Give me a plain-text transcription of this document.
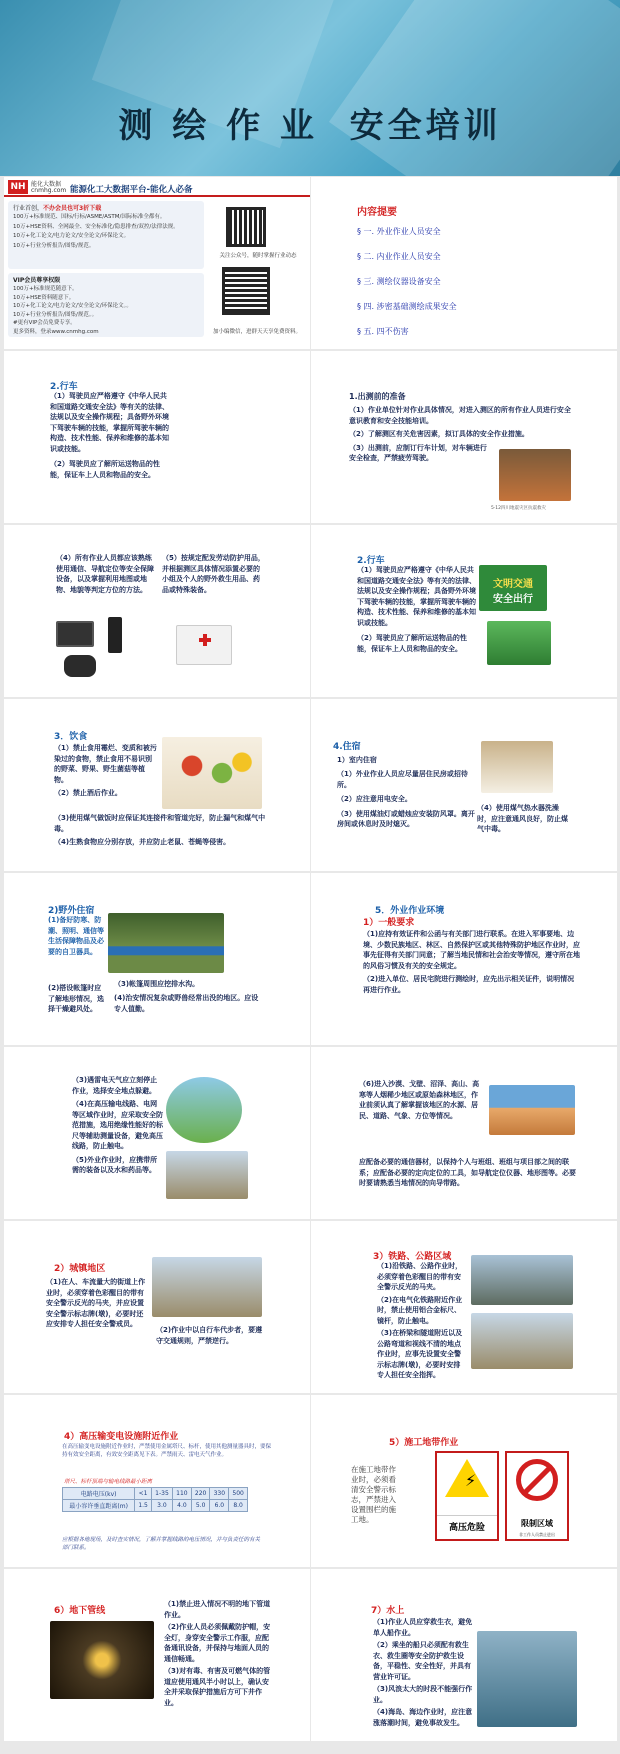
测 绘 作 业  安全培训
NH 能化大数据
cnmhg.com 能源化工大数据平台-能化人必备
行业首创，不办会员也可3折下载
100万+标准规范、国标/行标/ASME/ASTM/国际标准全都有。
10万+HSE资料、全网最全、安全标准化/隐患排查/双控/法律法规。
10万+化工论文/电力论文/安全论文/环保论文。
10万+行业分析报告/图集/规范。
VIP会员尊享权限
100万+标准规范随意下。
10万+HSE资料随意下。
10万+化工论文/电力论文/安全论文/环保论文。。
10万+行业分析报告/图集/规范。。
#更有VIP会员免费专享。
更多资料，登录www.cnmhg.com
关注公众号，随时掌握行业动态
加小编微信，进群天天享免费资料。
内容提要
§ 一. 外业作业人员安全
§ 二. 内业作业人员安全
§ 三. 测绘仪器设备安全
§ 四. 涉密基础测绘成果安全
§ 五. 四不伤害
2.行车

（1）驾驶员应严格遵守《中华人民共和国道路交通安全法》等有关的法律、法规以及安全操作规程；具备野外环境下驾驶车辆的技能，掌握所驾驶车辆的构造、技术性能、保养和维修的基本知识或技能。

（2）驾驶员应了解所运送物品的性能，保证车上人员和物品的安全。

1.出测前的准备

（1）作业单位针对作业具体情况，对进入测区的所有作业人员进行安全意识教育和安全技能培训。

（2）了解测区有关危害因素，拟订具体的安全作业措施。

（3）出测前，应制订行车计划，对车辆进行安全检查，严禁疲劳驾驶。

5·12四川地震灾区抗震救灾
（4）所有作业人员都应该熟练使用通信、导航定位等安全保障设备，以及掌握利用地图或地物、地貌等判定方位的方法。
（5）按规定配发劳动防护用品，并根据测区具体情况添置必要的小组及个人的野外救生用品、药品或特殊装备。
2.行车

（1）驾驶员应严格遵守《中华人民共和国道路交通安全法》等有关的法律、法规以及安全操作规程；具备野外环境下驾驶车辆的技能，掌握所驾驶车辆的构造、技术性能、保养和维修的基本知识或技能。

（2）驾驶员应了解所运送物品的性能，保证车上人员和物品的安全。

文明交通
安全出行
3．饮食

（1）禁止食用霉烂、变质和被污染过的食物，禁止食用不易识别的野菜、野果、野生菌菇等植物。

（2）禁止酒后作业。

（3)使用煤气做饭时应保证其连接件和管道完好，防止漏气和煤气中毒。

（4)生熟食物应分别存放，并应防止老鼠、苍蝇等侵害。

4.住宿
1）室内住宿

（1）外业作业人员应尽量居住民房或招待所。

（2）应注意用电安全。

（3）使用煤油灯或蜡烛应安装防风罩。离开房间或休息时及时熄灭。

（4）使用煤气热水器洗澡时，应注意通风良好，防止煤气中毒。
2)野外住宿
(1)备好防寒、防潮、照明、通信等生活保障物品及必要的自卫器具。
(2)搭设帐篷时应了解地形情况，选择干燥避风处。
（3)帐篷周围应挖排水沟。
(4)治安情况复杂或野兽经常出没的地区。应设专人值勤。
5．外业作业环境
1）一般要求

（1)应持有效证件和公函与有关部门进行联系。在进入军事要地、边境、少数民族地区、林区、自然保护区或其他特殊防护地区作业时，应事先征得有关部门同意；了解当地民情和社会治安等情况，遵守所在地的风俗习惯及有关的安全规定。

（2)进入单位、居民宅院进行测绘时，应先出示相关证件，说明情况再进行作业。

（3)遇雷电天气应立刻停止作业，选择安全地点躲避。

（4)在高压输电线路、电网等区域作业时，应采取安全防范措施，选用绝缘性能好的标尺等辅助测量设备，避免高压线路，防止触电。

（5)外业作业时，应携带所需的装备以及水和药品等。

（6)进入沙漠、戈壁、沼泽、高山、高寒等人烟稀少地区或原始森林地区，作业前须认真了解掌握该地区的水源、居民、道路、气象、方位等情况。
应配备必要的通信器材，以保持个人与班组、班组与项目部之间的联系；应配备必要的定向定位的工具，如导航定位仪器、地形图等。必要时要请熟悉当地情况的向导带路。
2）城镇地区
（1)在人、车流量大的街道上作业时，必须穿着色彩醒目的带有安全警示反光的马夹，并应设置安全警示标志牌(墩)，必要时还应安排专人担任安全警戒员。
（2)作业中以自行车代步者，要遵守交通规则，严禁逆行。
3）铁路、公路区域

（1)沿铁路、公路作业时，必须穿着色彩醒目的带有安全警示反光的马夹。

（2)在电气化铁路附近作业时，禁止使用铝合金标尺、镜杆，防止触电。

（3)在桥梁和隧道附近以及公路弯道和视线不清的地点作业时，应事先设置安全警示标志牌(墩)，必要时安排专人担任安全指挥。

4）高压输变电设施附近作业
在高压输变电设施附近作业时，严禁使用金属塔尺、标杆，使用其他测量器具时，要保持有效安全距离，有效安全距离见下表。严禁雨天、雷电天气作业。
塔尺、标杆顶端与输电线路最小距离
电路电压(kv)	<1	1-35	110	220	330	500
最小容许垂直距离(m)	1.5	3.0	4.0	5.0	6.0	8.0
应根据各地现场，及时查实情况，了解并掌握线路的电压情况，并与负责任的有关部门联系。
5）施工地带作业
在施工地带作业时，必须看清安全警示标志，严禁进入设置围栏的施工地。
⚡
高压危险	限制区域
非工作人员禁止进出
6）地下管线

（1)禁止进入情况不明的地下管道作业。

（2)作业人员必须佩戴防护帽，安全灯，身穿安全警示工作服，应配备通讯设备，并保持与地面人员的通信畅通。

（3)对有毒、有害及可燃气体的管道应使用通风半小时以上，确认安全并采取保护措施后方可下井作业。

7）水上

（1)作业人员应穿救生衣，避免单人船作业。

（2）乘坐的船只必须配有救生衣、救生圈等安全防护救生设备，平稳性、安全性好，并具有营业许可证。

（3)风浪太大的时段不能强行作业。

（4)海岛、海边作业时，应注意涨落潮时间，避免事故发生。
